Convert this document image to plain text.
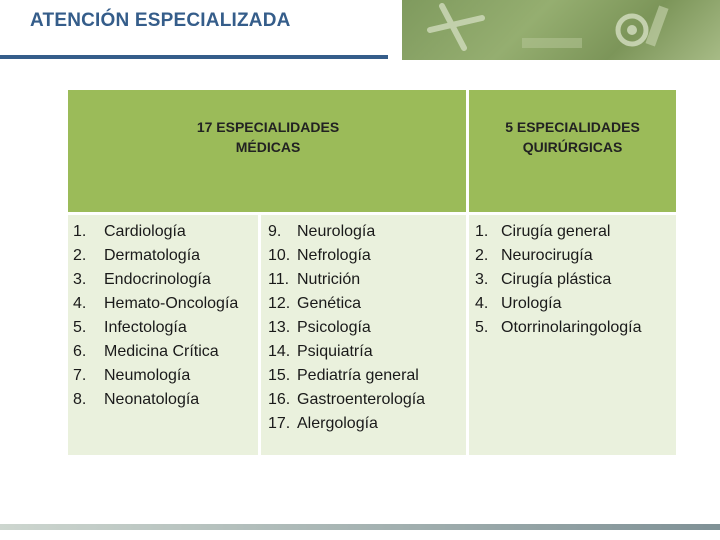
ATENCIÓN ESPECIALIZADA
17 ESPECIALIDADES MÉDICAS
5 ESPECIALIDADES QUIRÚRGICAS
1. Cardiología
2. Dermatología
3. Endocrinología
4. Hemato-Oncología
5. Infectología
6. Medicina Crítica
7. Neumología
8. Neonatología
9. Neurología
10. Nefrología
11. Nutrición
12. Genética
13. Psicología
14. Psiquiatría
15. Pediatría general
16. Gastroenterología
17. Alergología
1. Cirugía general
2. Neurocirugía
3. Cirugía plástica
4. Urología
5. Otorrinolaringología
